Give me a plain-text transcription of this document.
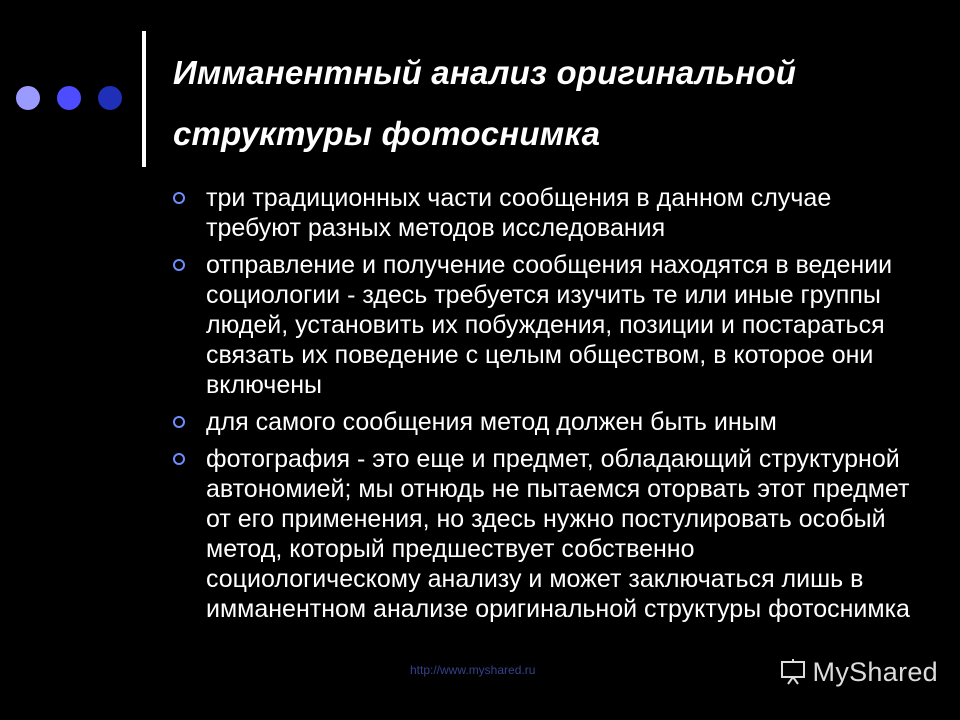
Имманентный анализ оригинальной
структуры фотоснимка
три традиционных части сообщения в данном случае требуют разных методов исследования
отправление и получение сообщения находятся в ведении социологии - здесь требуется изучить те или иные группы людей, установить их побуждения, позиции и постараться связать их поведение с целым обществом, в которое они включены
для самого сообщения метод должен быть иным
фотография - это еще и предмет, обладающий структурной автономией; мы отнюдь не пытаемся оторвать этот предмет от его применения, но здесь нужно постулировать особый метод, который предшествует собственно социологическому анализу и может заключаться лишь в имманентном анализе оригинальной структуры фотоснимка
http://www.myshared.ru	MyShared
